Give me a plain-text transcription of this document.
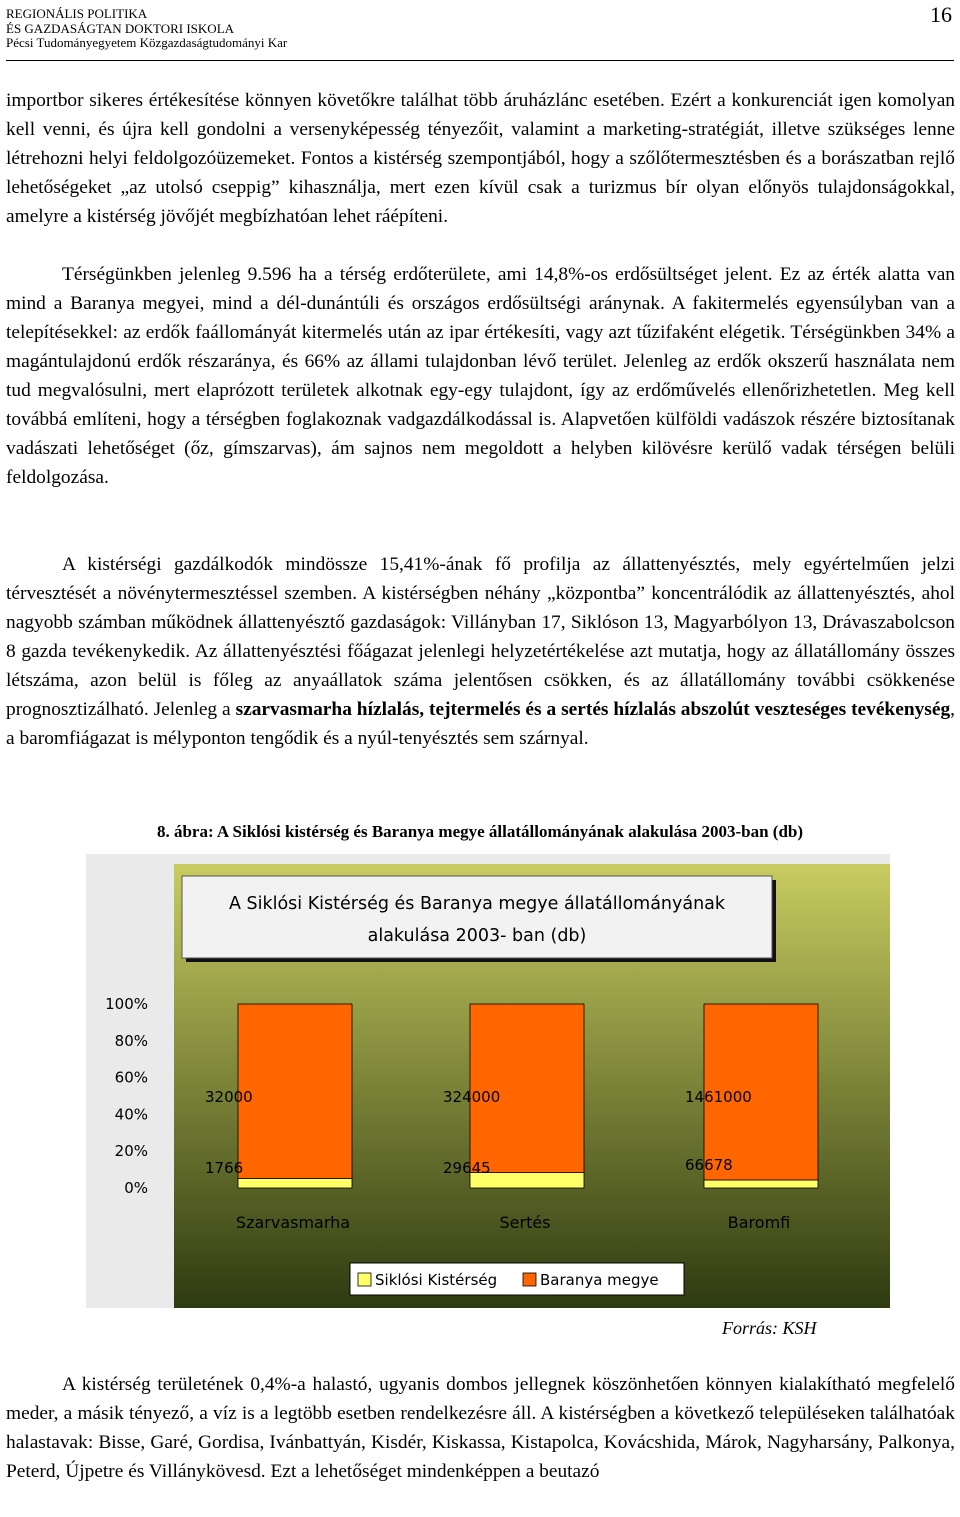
REGIONÁLIS POLITIKA
ÉS GAZDASÁGTAN DOKTORI ISKOLA
Pécsi Tudományegyetem Közgazdaságtudományi Kar
16

importbor sikeres értékesítése könnyen követőkre találhat több áruházlánc esetében. Ezért a konkurenciát igen komolyan kell venni, és újra kell gondolni a versenyképesség tényezőit, valamint a marketing-stratégiát, illetve szükséges lenne létrehozni helyi feldolgozóüzemeket. Fontos a kistérség szempontjából, hogy a szőlőtermesztésben és a borászatban rejlő lehetőségeket „az utolsó cseppig” kihasználja, mert ezen kívül csak a turizmus bír olyan előnyös tulajdonságokkal, amelyre a kistérség jövőjét megbízhatóan lehet ráépíteni.

Térségünkben jelenleg 9.596 ha a térség erdőterülete, ami 14,8%-os erdősültséget jelent. Ez az érték alatta van mind a Baranya megyei, mind a dél-dunántúli és országos erdősültségi aránynak. A fakitermelés egyensúlyban van a telepítésekkel: az erdők faállományát kitermelés után az ipar értékesíti, vagy azt tűzifaként elégetik. Térségünkben 34% a magántulajdonú erdők részaránya, és 66% az állami tulajdonban lévő terület. Jelenleg az erdők okszerű használata nem tud megvalósulni, mert elaprózott területek alkotnak egy-egy tulajdont, így az erdőművelés ellenőrizhetetlen. Meg kell továbbá említeni, hogy a térségben foglakoznak vadgazdálkodással is. Alapvetően külföldi vadászok részére biztosítanak vadászati lehetőséget (őz, gímszarvas), ám sajnos nem megoldott a helyben kilövésre kerülő vadak térségen belüli feldolgozása.

A kistérségi gazdálkodók mindössze 15,41%-ának fő profilja az állattenyésztés, mely egyértelműen jelzi térvesztését a növénytermesztéssel szemben. A kistérségben néhány „központba” koncentrálódik az állattenyésztés, ahol nagyobb számban működnek állattenyésztő gazdaságok: Villányban 17, Siklóson 13, Magyarbólyon 13, Drávaszabolcson 8 gazda tevékenykedik. Az állattenyésztési főágazat jelenlegi helyzetértékelése azt mutatja, hogy az állatállomány összes létszáma, azon belül is főleg az anyaállatok száma jelentősen csökken, és az állatállomány további csökkenése prognosztizálható. Jelenleg a szarvasmarha hízlalás, tejtermelés és a sertés hízlalás abszolút veszteséges tevékenység, a baromfiágazat is mélyponton tengődik és a nyúl-tenyésztés sem szárnyal.

8. ábra: A Siklósi kistérség és Baranya megye állatállományának alakulása 2003-ban (db)
A Siklósi Kistérség és Baranya megye állatállományának
alakulása 2003- ban (db)
0%
20%
40%
60%
80%
100%
32000
1766
324000
29645
1461000
66678
Szarvasmarha	Sertés	Baromfi
Siklósi Kistérség	Baranya megye
Forrás: KSH

A kistérség területének 0,4%-a halastó, ugyanis dombos jellegnek köszönhetően könnyen kialakítható megfelelő meder, a másik tényező, a víz is a legtöbb esetben rendelkezésre áll. A kistérségben a következő településeken találhatóak halastavak: Bisse, Garé, Gordisa, Ivánbattyán, Kisdér, Kiskassa, Kistapolca, Kovácshida, Márok, Nagyharsány, Palkonya, Peterd, Újpetre és Villánykövesd. Ezt a lehetőséget mindenképpen a beutazó
